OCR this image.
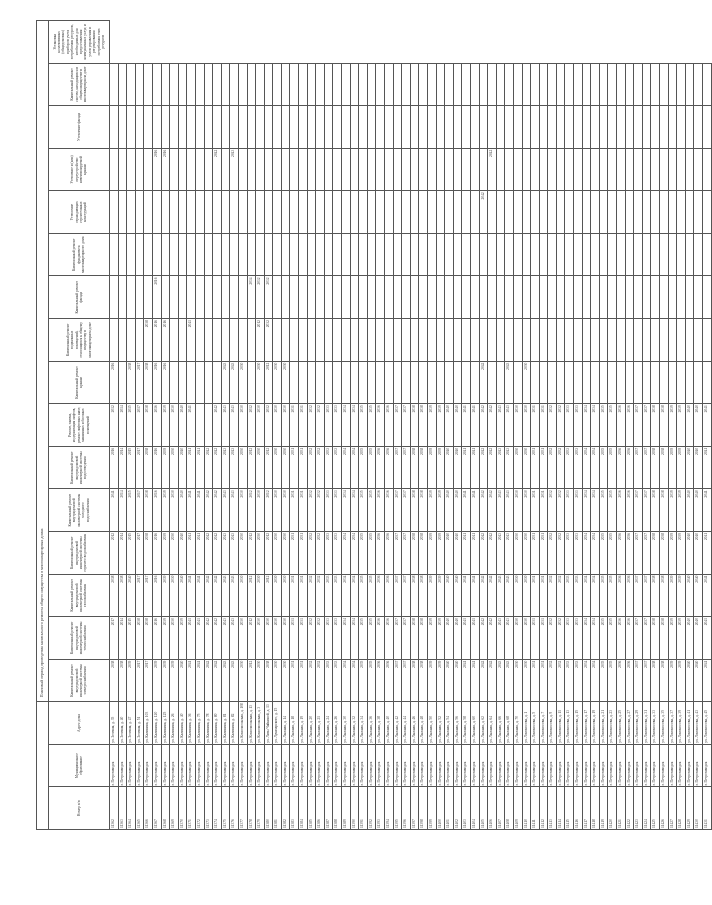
			Плановый период проведения капитального ремонта общего имущества в многоквартирных домах															
Номер п/п	Муниципальное образование	Адрес дома	Капитальный ремонт внутридомовой инженерной системы электроснабжения	Капитальный ремонт внутридомовой инженерной системы теплоснабжения	Капитальный ремонт внутридомовой инженерной системы газоснабжения	Капитальный ремонт внутридомовой инженерной системы горячего водоснабжения	Капитальный ремонт внутридомовой инженерной системы холодного водоснабжения	Капитальный ремонт внутридомовой инженерной системы водоотведения	Ремонт, замена, модернизация лифтов, ремонт лифтовых шахт, машинных и блочных помещений	Капитальный ремонт крыши	Капитальный ремонт подвальных помещений, относящихся к общему имуществу в многоквартирном доме	Капитальный ремонт фасада	Капитальный ремонт фундамента многоквартирного дома	Утепление ограждающих строительных конструкций	Утепление и (или) переустройство невентилируемой крыши	Утепление фасада	Капитальный ремонт систем, находящихся в общем имуществе в многоквартирном доме	Установка коллективных (общедомовых) приборов учета потребления ресурсов, необходимых для предоставления коммунальных услуг, и узлов управления и регулирования потребления этих ресурсов
11362	г. Петрозаводск	ул. Зеленая, д. 35	2038	2017	2038	2012	2041	2016	2012	2016								
11363	г. Петрозаводск	ул. Зеленая, д. 40	2038	2014	2038	2014	2014	2014	2014									
11364	г. Петрозаводск	ул. Зеленая, д. 47	2039	2015	2040	2015	2015	2015	2015	2038								
11365	г. Петрозаводск	ул. Зеленая, д. 51	2017	2038	2017	2017	2017	2017	2017	2017								
11366	г. Петрозаводск	ул. Калинина, д. 103	2017	2038	2017	2038	2038	2038	2038	2038	2038							
11367	г. Петрозаводск	ул. Калинина, д. 120	2039	2016	2016	2016	2016	2016	2016	2016	2016	2016			2016			
11368	г. Петрозаводск	ул. Калинина, д. 125	2039	2039	2039	2039	2039	2039	2039	2016	2016				2016			
11369	г. Петрозаводск	ул. Калинина, д. 26	2039	2030	2030	2030	2030	2030	2030									
11370	г. Петрозаводск	ул. Калинина, д. 40	2040	2039	2040	2040	2040	2040	2040									
11371	г. Петрозаводск	ул. Калинина, д. 36	2041	2041	2041	2041	2041	2041	2041		2041							
11372	г. Петрозаводск	ул. Калинина, д. 75	2041	2041	2041	2041	2041	2041										
11373	г. Петрозаводск	ул. Калинина, д. 78	2042	2042	2042	2042	2042	2042										
11374	г. Петрозаводск	ул. Калинина, д. 80	2042	2042	2042	2042	2042	2042	2042						2042			
11375	г. Петрозаводск	ул. Калинина, д. 81	2043	2043	2043	2043	2043	2043	2043	2043								
11376	г. Петрозаводск	ул. Калинина, д. 82	2043	2043	2043	2043	2043	2043	2043	2043					2043			
11377	г. Петрозаводск	ул. Комсомольская, д. 108	2030	2030	2030	2030	2030	2030	2030	2030								
11378	г. Петрозаводск	ул. Комсомольская, д. 13	2012	2012	2012	2012	2012	2012	2012			2034						
11379	г. Петрозаводск	ул. Комсомольская, д. 3	2030	2030	2030	2030	2030	2030	2030	2030	2012	2032						
11380	г. Петрозаводск	ул. Лизы Чайкиной, д. 13	2038	2030	2012	2012	2012	2012	2012	2012	2032	2032						
11381	г. Петрозаводск	ул. Луначарского, д. 15	2030	2030	2030	2030	2030	2030	2030	2030								
11382	г. Петрозаводск	ул. Лыжная, д. 14	2030	2030	2030	2030	2030	2030	2030	2030								
11383	г. Петрозаводск	ул. Лыжная, д. 18	2031	2031	2031	2031	2031	2031	2031									
11384	г. Петрозаводск	ул. Лыжная, д. 19	2031	2031	2031	2031	2031	2031	2031									
11385	г. Петрозаводск	ул. Лыжная, д. 20	2032	2032	2032	2032	2032	2032	2032									
11386	г. Петрозаводск	ул. Лыжная, д. 21	2032	2032	2032	2032	2032	2032	2032									
11387	г. Петрозаводск	ул. Лыжная, д. 24	2033	2033	2033	2033	2033	2033	2033									
11388	г. Петрозаводск	ул. Лыжная, д. 26	2033	2033	2033	2033	2033	2033	2033									
11389	г. Петрозаводск	ул. Лыжная, д. 30	2034	2034	2034	2034	2034	2034	2034									
11390	г. Петрозаводск	ул. Лыжная, д. 32	2034	2034	2034	2034	2034	2034	2034									
11391	г. Петрозаводск	ул. Лыжная, д. 34	2035	2035	2035	2035	2035	2035	2035									
11392	г. Петрозаводск	ул. Лыжная, д. 36	2035	2035	2035	2035	2035	2035	2035									
11393	г. Петрозаводск	ул. Лыжная, д. 38	2036	2036	2036	2036	2036	2036	2036									
11394	г. Петрозаводск	ул. Лыжная, д. 40	2036	2036	2036	2036	2036	2036	2036									
11395	г. Петрозаводск	ул. Лыжная, д. 42	2037	2037	2037	2037	2037	2037	2037									
11396	г. Петрозаводск	ул. Лыжная, д. 44	2037	2037	2037	2037	2037	2037	2037									
11397	г. Петрозаводск	ул. Лыжная, д. 46	2038	2038	2038	2038	2038	2038	2038									
11398	г. Петрозаводск	ул. Лыжная, д. 48	2038	2038	2038	2038	2038	2038	2038									
11399	г. Петрозаводск	ул. Лыжная, д. 50	2039	2039	2039	2039	2039	2039	2039									
11400	г. Петрозаводск	ул. Лыжная, д. 52	2039	2039	2039	2039	2039	2039	2039									
11401	г. Петрозаводск	ул. Лыжная, д. 54	2040	2040	2040	2040	2040	2040	2040									
11402	г. Петрозаводск	ул. Лыжная, д. 56	2040	2040	2040	2040	2040	2040	2040									
11403	г. Петрозаводск	ул. Лыжная, д. 58	2041	2041	2041	2041	2041	2041	2041									
11404	г. Петрозаводск	ул. Лыжная, д. 60	2041	2041	2041	2041	2041	2041	2041									
11405	г. Петрозаводск	ул. Лыжная, д. 62	2042	2042	2042	2042	2042	2042	2042	2042				2042				
11406	г. Петрозаводск	ул. Лыжная, д. 64	2042	2042	2042	2042	2042	2042	2042						2042			
11407	г. Петрозаводск	ул. Лыжная, д. 66	2043	2043	2043	2043	2043	2043	2043									
11408	г. Петрозаводск	ул. Лыжная, д. 68	2043	2043	2043	2043	2043	2043	2043	2043								
11409	г. Петрозаводск	ул. Лыжная, д. 70	2030	2030	2030	2030	2030	2030	2030									
11410	г. Петрозаводск	ул. Ломоносова, д. 1	2030	2030	2030	2030	2030	2030	2030	2030								
11411	г. Петрозаводск	ул. Ломоносова, д. 5	2031	2031	2031	2031	2031	2031	2031									
11412	г. Петрозаводск	ул. Ломоносова, д. 7	2031	2031	2031	2031	2031	2031	2031									
11413	г. Петрозаводск	ул. Ломоносова, д. 9	2032	2032	2032	2032	2032	2032	2032									
11414	г. Петрозаводск	ул. Ломоносова, д. 11	2032	2032	2032	2032	2032	2032	2032									
11415	г. Петрозаводск	ул. Ломоносова, д. 13	2033	2033	2033	2033	2033	2033	2033									
11416	г. Петрозаводск	ул. Ломоносова, д. 15	2033	2033	2033	2033	2033	2033	2033									
11417	г. Петрозаводск	ул. Ломоносова, д. 17	2034	2034	2034	2034	2034	2034	2034									
11418	г. Петрозаводск	ул. Ломоносова, д. 19	2034	2034	2034	2034	2034	2034	2034									
11419	г. Петрозаводск	ул. Ломоносова, д. 21	2035	2035	2035	2035	2035	2035	2035									
11420	г. Петрозаводск	ул. Ломоносова, д. 23	2035	2035	2035	2035	2035	2035	2035									
11421	г. Петрозаводск	ул. Ломоносова, д. 25	2036	2036	2036	2036	2036	2036	2036									
11422	г. Петрозаводск	ул. Ломоносова, д. 27	2036	2036	2036	2036	2036	2036	2036									
11423	г. Петрозаводск	ул. Ломоносова, д. 29	2037	2037	2037	2037	2037	2037	2037									
11424	г. Петрозаводск	ул. Ломоносова, д. 31	2037	2037	2037	2037	2037	2037	2037									
11425	г. Петрозаводск	ул. Ломоносова, д. 33	2038	2038	2038	2038	2038	2038	2038									
11426	г. Петрозаводск	ул. Ломоносова, д. 35	2038	2038	2038	2038	2038	2038	2038									
11427	г. Петрозаводск	ул. Ломоносова, д. 37	2039	2039	2039	2039	2039	2039	2039									
11428	г. Петрозаводск	ул. Ломоносова, д. 39	2039	2039	2039	2039	2039	2039	2039									
11429	г. Петрозаводск	ул. Ломоносова, д. 41	2040	2040	2040	2040	2040	2040	2040									
11430	г. Петрозаводск	ул. Ломоносова, д. 43	2040	2040	2040	2040	2040	2040	2040									
11431	г. Петрозаводск	ул. Ломоносова, д. 45	2041	2041	2041	2041	2041	2041	2041									
